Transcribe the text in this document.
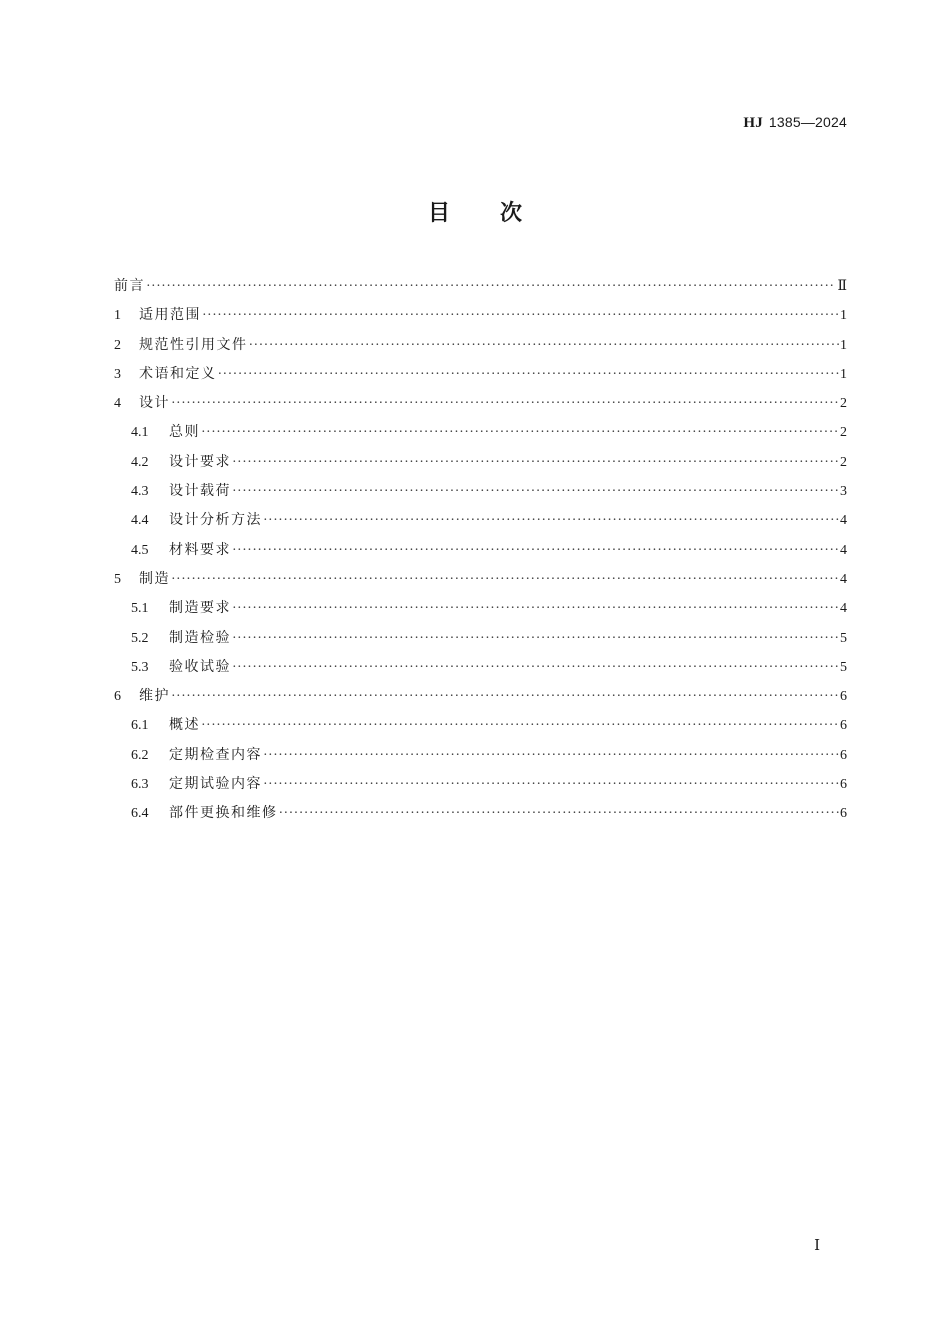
HJ 1385—2024
目 次
前言 ·····	Ⅱ
1	适用范围 ·····	1
2	规范性引用文件 ·····	1
3	术语和定义 ·····	1
4	设计 ·····	2
4.1	总则 ·····	2
4.2	设计要求 ·····	2
4.3	设计载荷 ·····	3
4.4	设计分析方法 ·····	4
4.5	材料要求 ·····	4
5	制造 ·····	4
5.1	制造要求 ·····	4
5.2	制造检验 ·····	5
5.3	验收试验 ·····	5
6	维护 ·····	6
6.1	概述 ·····	6
6.2	定期检查内容 ·····	6
6.3	定期试验内容 ·····	6
6.4	部件更换和维修 ·····	6
Ⅰ
